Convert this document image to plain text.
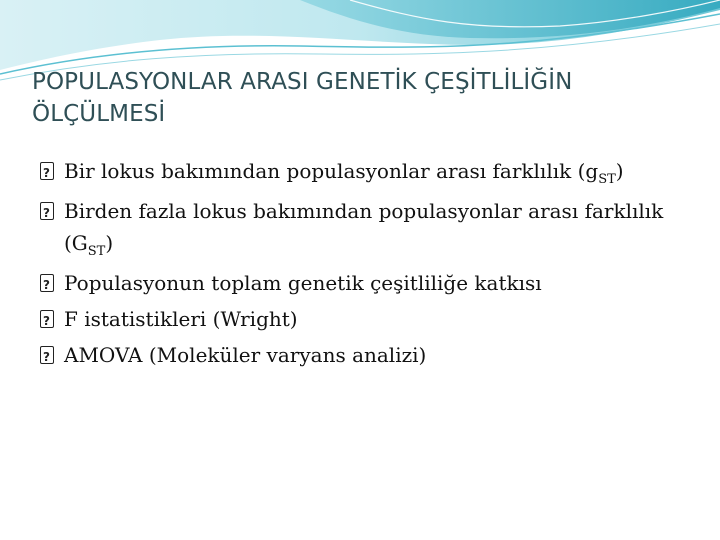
POPULASYONLAR ARASI GENETİK ÇEŞİTLİLİĞİN ÖLÇÜLMESİ
?
Bir lokus bakımından populasyonlar arası farklılık $(g_{ST})$
?
Birden fazla lokus bakımından populasyonlar arası farklılık $(G_{ST})$
?
Populasyonun toplam genetik çeşitliliğe katkısı
?
F istatistikleri (Wright)
?
AMOVA (Moleküler varyans analizi)
